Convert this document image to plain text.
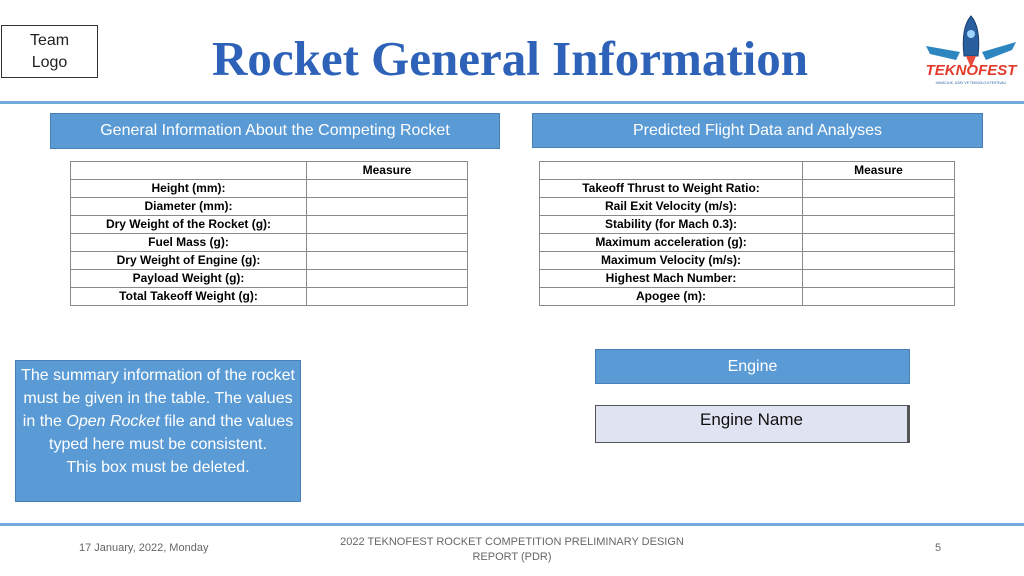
Team
Logo	Rocket General Information	TEKNOFEST
HAVACILIK, UZAY VE TEKNOLOJİ FESTİVALİ
General Information About the Competing Rocket	Predicted Flight Data and Analyses
	Measure
Height (mm):	
Diameter (mm):	
Dry Weight of the Rocket (g):	
Fuel Mass (g):	
Dry Weight of Engine (g):	
Payload Weight (g):	
Total Takeoff Weight (g):	
	Measure
Takeoff Thrust to Weight Ratio:	
Rail Exit Velocity (m/s):	
Stability (for Mach 0.3):	
Maximum acceleration (g):	
Maximum Velocity (m/s):	
Highest Mach Number:	
Apogee (m):	
The summary information of the rocket must be given in the table. The values in the Open Rocket file and the values typed here must be consistent.
This box must be deleted.
Engine
Engine Name
17 January, 2022, Monday	2022 TEKNOFEST ROCKET COMPETITION PRELIMINARY DESIGN REPORT (PDR)
5
